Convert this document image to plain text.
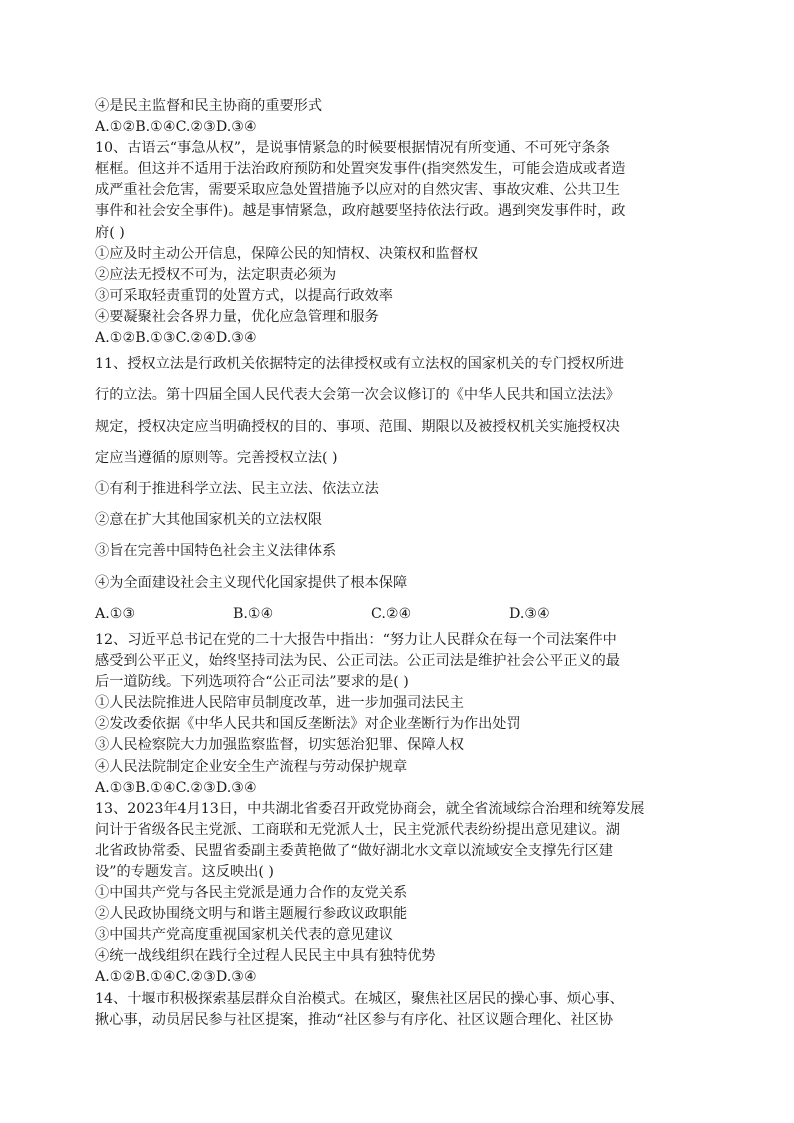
④是民主监督和民主协商的重要形式
A.①②B.①④C.②③D.③④
10、古语云“事急从权”，是说事情紧急的时候要根据情况有所变通、不可死守条条
框框。但这并不适用于法治政府预防和处置突发事件(指突然发生，可能会造成或者造
成严重社会危害，需要采取应急处置措施予以应对的自然灾害、事故灾难、公共卫生
事件和社会安全事件)。越是事情紧急，政府越要坚持依法行政。遇到突发事件时，政
府( )
①应及时主动公开信息，保障公民的知情权、决策权和监督权
②应法无授权不可为，法定职责必须为
③可采取轻责重罚的处置方式，以提高行政效率
④要凝聚社会各界力量，优化应急管理和服务
A.①②B.①③C.②④D.③④
11、授权立法是行政机关依据特定的法律授权或有立法权的国家机关的专门授权所进
行的立法。第十四届全国人民代表大会第一次会议修订的《中华人民共和国立法法》
规定，授权决定应当明确授权的目的、事项、范围、期限以及被授权机关实施授权决
定应当遵循的原则等。完善授权立法( )
①有利于推进科学立法、民主立法、依法立法
②意在扩大其他国家机关的立法权限
③旨在完善中国特色社会主义法律体系
④为全面建设社会主义现代化国家提供了根本保障
A.①③	B.①④	C.②④	D.③④
12、习近平总书记在党的二十大报告中指出：“努力让人民群众在每一个司法案件中
感受到公平正义，始终坚持司法为民、公正司法。公正司法是维护社会公平正义的最
后一道防线。下列选项符合“公正司法”要求的是( )
①人民法院推进人民陪审员制度改革，进一步加强司法民主
②发改委依据《中华人民共和国反垄断法》对企业垄断行为作出处罚
③人民检察院大力加强监察监督，切实惩治犯罪、保障人权
④人民法院制定企业安全生产流程与劳动保护规章
A.①③B.①④C.②③D.③④
13、2023年4月13日，中共湖北省委召开政党协商会，就全省流域综合治理和统筹发展
问计于省级各民主党派、工商联和无党派人士，民主党派代表纷纷提出意见建议。湖
北省政协常委、民盟省委副主委黄艳做了“做好湖北水文章以流域安全支撑先行区建
设”的专题发言。这反映出( )
①中国共产党与各民主党派是通力合作的友党关系
②人民政协围绕文明与和谐主题履行参政议政职能
③中国共产党高度重视国家机关代表的意见建议
④统一战线组织在践行全过程人民民主中具有独特优势
A.①②B.①④C.②③D.③④
14、十堰市积极探索基层群众自治模式。在城区，聚焦社区居民的操心事、烦心事、
揪心事，动员居民参与社区提案，推动“社区参与有序化、社区议题合理化、社区协
